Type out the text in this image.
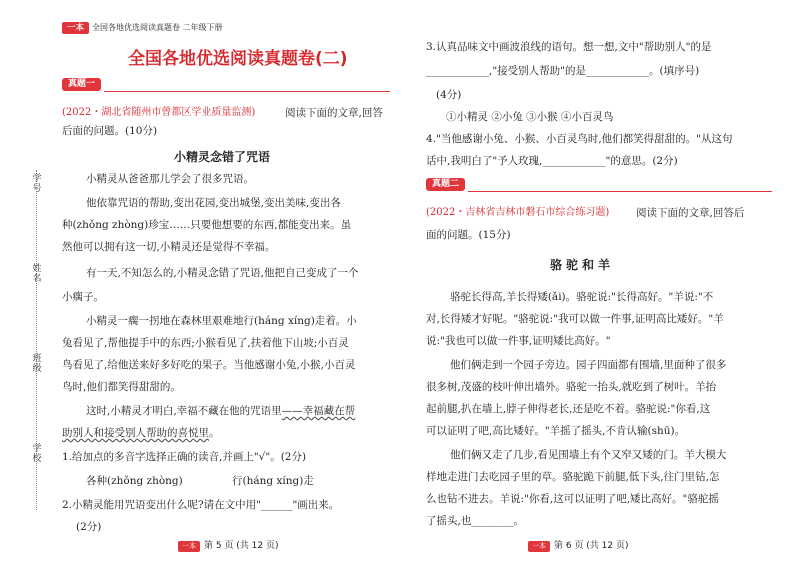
一本 全国各地优选阅读真题卷 二年级下册
全国各地优选阅读真题卷(二)
真题一
(2022・湖北省随州市曾都区学业质量监测)	阅读下面的文章,回答
后面的问题。(10分)
小精灵念错了咒语
小精灵从爸爸那儿学会了很多咒语。
他依靠咒语的帮助,变出花园,变出城堡,变出美味,变出各
种(zhǒng zhòng)珍宝……只要他想要的东西,都能变出来。虽
然他可以拥有这一切,小精灵还是觉得不幸福。
有一天,不知怎么的,小精灵念错了咒语,他把自己变成了一个
小瘸子。
小精灵一瘸一拐地在森林里艰难地行(háng xíng)走着。小
兔看见了,帮他提手中的东西;小猴看见了,扶着他下山坡;小百灵
鸟看见了,给他送来好多好吃的果子。当他感谢小兔,小猴,小百灵
鸟时,他们都笑得甜甜的。
这时,小精灵才明白,幸福不藏在他的咒语里——幸福藏在帮
助别人和接受别人帮助的喜悦里。
1.给加点的多音字选择正确的读音,并画上"√"。(2分)
各种(zhǒng zhòng)	行(háng xíng)走
2.小精灵能用咒语变出什么呢?请在文中用"______"画出来。
(2分)
学号
姓名
班级
学校
一本 第 5 页 (共 12 页)
3.认真品味文中画波浪线的语句。想一想,文中"帮助别人"的是
____________,"接受别人帮助"的是____________。(填序号)
(4分)
①小精灵 ②小兔 ③小猴 ④小百灵鸟
4."当他感谢小兔、小猴、小百灵鸟时,他们都笑得甜甜的。"从这句
话中,我明白了"予人玫瑰,____________"的意思。(2分)
真题二
(2022・吉林省吉林市磐石市综合练习题)	阅读下面的文章,回答后
面的问题。(15分)
骆驼和羊
骆驼长得高,羊长得矮(ǎi)。骆驼说:"长得高好。"羊说:"不
对,长得矮才好呢。"骆驼说:"我可以做一件事,证明高比矮好。"羊
说:"我也可以做一件事,证明矮比高好。"
他们俩走到一个园子旁边。园子四面都有围墙,里面种了很多
很多树,茂盛的枝叶伸出墙外。骆驼一抬头,就吃到了树叶。羊抬
起前腿,扒在墙上,脖子伸得老长,还是吃不着。骆驼说:"你看,这
可以证明了吧,高比矮好。"羊摇了摇头,不肯认输(shū)。
他们俩又走了几步,看见围墙上有个又窄又矮的门。羊大模大
样地走进门去吃园子里的草。骆驼跪下前腿,低下头,往门里钻,怎
么也钻不进去。羊说:"你看,这可以证明了吧,矮比高好。"骆驼摇
了摇头,也________。
一本 第 6 页 (共 12 页)
